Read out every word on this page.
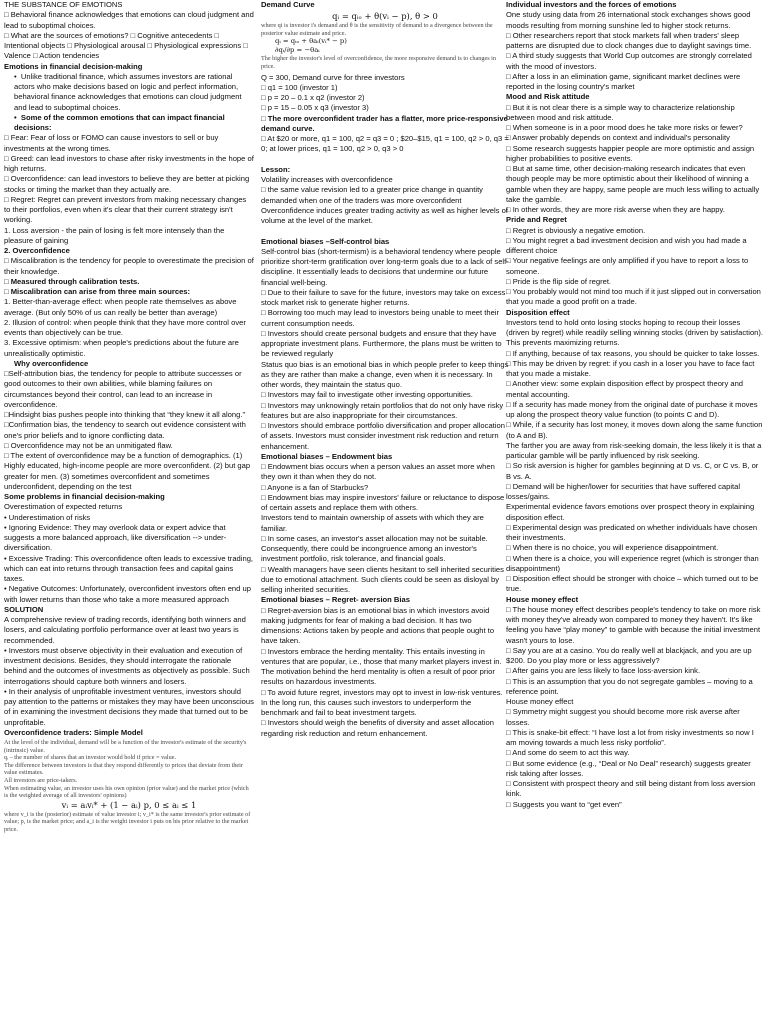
THE SUBSTANCE OF EMOTIONS
□ Behavioral finance acknowledges that emotions can cloud judgment and lead to suboptimal choices.
□ What are the sources of emotions? □ Cognitive antecedents □ Intentional objects □ Physiological arousal □ Physiological expressions □ Valence □ Action tendencies
Emotions in financial decision-making
•  Unlike traditional finance, which assumes investors are rational actors who make decisions based on logic and perfect information, behavioral finance acknowledges that emotions can cloud judgment and lead to suboptimal choices.
•  Some of the common emotions that can impact financial decisions:
□ Fear: Fear of loss or FOMO can cause investors to sell or buy investments at the wrong times.
□ Greed: can lead investors to chase after risky investments in the hope of high returns.
□ Overconfidence: can lead investors to believe they are better at picking stocks or timing the market than they actually are.
□ Regret: Regret can prevent investors from making necessary changes to their portfolios, even when it's clear that their current strategy isn't working.
1. Loss aversion - the pain of losing is felt more intensely than the pleasure of gaining
2. Overconfidence
□ Miscalibration is the tendency for people to overestimate the precision of their knowledge.
□ Measured through calibration tests.
□ Miscalibration can arise from three main sources:
1. Better-than-average effect: when people rate themselves as above average. (But only 50% of us can really be better than average)
2. Illusion of control: when people think that they have more control over events than objectively can be true.
3. Excessive optimism: when people's predictions about the future are unrealistically optimistic.
Why overconfidence
□Self-attribution bias, the tendency for people to attribute successes or good outcomes to their own abilities, while blaming failures on circumstances beyond their control, can lead to an increase in overconfidence.
□Hindsight bias pushes people into thinking that “they knew it all along.”
□Confirmation bias, the tendency to search out evidence consistent with one's prior beliefs and to ignore conflicting data.
□ Overconfidence may not be an unmitigated flaw.
□ The extent of overconfidence may be a function of demographics. (1) Highly educated, high-income people are more overconfident. (2) but gap greater for men. (3) sometimes overconfident and sometimes underconfident, depending on the test
Some problems in financial decision-making
Overestimation of expected returns
• Underestimation of risks
• Ignoring Evidence: They may overlook data or expert advice that suggests a more balanced approach, like diversification --> under-diversification.
• Excessive Trading: This overconfidence often leads to excessive trading, which can eat into returns through transaction fees and capital gains taxes.
• Negative Outcomes: Unfortunately, overconfident investors often end up with lower returns than those who take a more measured approach
SOLUTION
A comprehensive review of trading records, identifying both winners and losers, and calculating portfolio performance over at least two years is recommended.
• Investors must observe objectivity in their evaluation and execution of investment decisions. Besides, they should interrogate the rationale behind and the outcomes of investments as objectively as possible. Such interrogations should capture both winners and losers.
• In their analysis of unprofitable investment ventures, investors should pay attention to the patterns or mistakes they may have been unconscious of in examining the investment decisions they made that turned out to be unprofitable.
Overconfidence traders: Simple Model
At the level of the individual, demand will be a function of the investor's estimate of the security's (intrinsic) value.
qᵢ – the number of shares that an investor would hold if price = value.
The difference between investors is that they respond differently to prices that deviate from their value estimates.
All investors are price-takers.
When estimating value, an investor uses his own opinion (prior value) and the market price (which is the weighted average of all investors' opinions)
vᵢ = aᵢvᵢ* + (1 − aᵢ) p, 0 ≤ aᵢ ≤ 1
where v_i is the (posterior) estimate of value investor i; v_i* is the same investor's prior estimate of value; p, is the market price; and a_i is the weight investor i puts on his prior relative to the market price.
Demand Curve
qᵢ = qᵢₒ + θ(vᵢ − p), θ > 0
where qi is investor i's demand and θ is the sensitivity of demand to a divergence between the posterior value estimate and price.
qᵢ = qᵢₒ + θaᵢ(vᵢ* − p)
∂qᵢ/∂p = −θaᵢ
The higher the investor's level of overconfidence, the more responsive demand is to changes in price.
Q = 300, Demand curve for three investors
□ q1 = 100 (investor 1)
□ p = 20 – 0.1 x q2 (investor 2)
□ p = 15 – 0.05 x q3 (investor 3)
□ The more overconfident trader has a flatter, more price-responsive demand curve.
□ At $20 or more, q1 = 100, q2 = q3 = 0 ; $20–$15, q1 = 100, q2 > 0, q3 = 0; at lower prices, q1 = 100, q2 > 0, q3 > 0

Lesson:
Volatility increases with overconfidence
□ the same value revision led to a greater price change in quantity demanded when one of the traders was more overconfident
Overconfidence induces greater trading activity as well as higher levels of volume at the level of the market.

Emotional biases –Self-control bias
Self-control bias (short-termism) is a behavioral tendency where people prioritize short-term gratification over long-term goals due to a lack of self-discipline. It essentially leads to decisions that undermine our future financial well-being.
□ Due to their failure to save for the future, investors may take on excess stock market risk to generate higher returns.
□ Borrowing too much may lead to investors being unable to meet their current consumption needs.
□ Investors should create personal budgets and ensure that they have appropriate investment plans. Furthermore, the plans must be written to be reviewed regularly
Status quo bias is an emotional bias in which people prefer to keep things as they are rather than make a change, even when it is necessary. In other words, they maintain the status quo.
□ Investors may fail to investigate other investing opportunities.
□ Investors may unknowingly retain portfolios that do not only have risky features but are also inappropriate for their circumstances.
□ Investors should embrace portfolio diversification and proper allocation of assets. Investors must consider investment risk reduction and return enhancement.
Emotional biases – Endowment bias
□ Endowment bias occurs when a person values an asset more when they own it than when they do not.
□ Anyone is a fan of Starbucks?
□ Endowment bias may inspire investors' failure or reluctance to dispose of certain assets and replace them with others.
Investors tend to maintain ownership of assets with which they are familiar.
□ In some cases, an investor's asset allocation may not be suitable. Consequently, there could be incongruence among an investor's investment portfolio, risk tolerance, and financial goals.
□ Wealth managers have seen clients hesitant to sell inherited securities due to emotional attachment. Such clients could be seen as disloyal by selling inherited securities.
Emotional biases – Regret- aversion Bias
□ Regret-aversion bias is an emotional bias in which investors avoid making judgments for fear of making a bad decision. It has two dimensions: Actions taken by people and actions that people ought to have taken.
□ Investors embrace the herding mentality. This entails investing in ventures that are popular, i.e., those that many market players invest in. The motivation behind the herd mentality is often a result of poor prior results on hazardous investments.
□ To avoid future regret, investors may opt to invest in low-risk ventures. In the long run, this causes such investors to underperform the benchmark and fail to beat investment targets.
□ Investors should weigh the benefits of diversity and asset allocation regarding risk reduction and return enhancement.
Individual investors and the forces of emotions
One study using data from 26 international stock exchanges shows good moods resulting from morning sunshine led to higher stock returns.
□ Other researchers report that stock markets fall when traders' sleep patterns are disrupted due to clock changes due to daylight savings time.
□ A third study suggests that World Cup outcomes are strongly correlated with the mood of investors.
□ After a loss in an elimination game, significant market declines were reported in the losing country's market
Mood and Risk attitude
□ But it is not clear there is a simple way to characterize relationship between mood and risk attitude.
□ When someone is in a poor mood does he take more risks or fewer?
□ Answer probably depends on context and individual's personality
□ Some research suggests happier people are more optimistic and assign higher probabilities to positive events.
□ But at same time, other decision-making research indicates that even though people may be more optimistic about their likelihood of winning a gamble when they are happy, same people are much less willing to actually take the gamble.
□ In other words, they are more risk averse when they are happy.
Pride and Regret
□ Regret is obviously a negative emotion.
□ You might regret a bad investment decision and wish you had made a different choice
□ Your negative feelings are only amplified if you have to report a loss to someone.
□ Pride is the flip side of regret.
□ You probably would not mind too much if it just slipped out in conversation that you made a good profit on a trade.
Disposition effect
Investors tend to hold onto losing stocks hoping to recoup their losses (driven by regret) while readily selling winning stocks (driven by satisfaction). This prevents maximizing returns.
□ If anything, because of tax reasons, you should be quicker to take losses.
□ This may be driven by regret: if you cash in a loser you have to face fact that you made a mistake.
□ Another view: some explain disposition effect by prospect theory and mental accounting.
□ If a security has made money from the original date of purchase it moves up along the prospect theory value function (to points C and D).
□ While, if a security has lost money, it moves down along the same function (to A and B).
The farther you are away from risk-seeking domain, the less likely it is that a particular gamble will be partly influenced by risk seeking.
□ So risk aversion is higher for gambles beginning at D vs. C, or C vs. B, or B vs. A.
□ Demand will be higher/lower for securities that have suffered capital losses/gains.
Experimental evidence favors emotions over prospect theory in explaining disposition effect.
□ Experimental design was predicated on whether individuals have chosen their investments.
□ When there is no choice, you will experience disappointment.
□ When there is a choice, you will experience regret (which is stronger than disappointment)
□ Disposition effect should be stronger with choice – which turned out to be true.
House money effect
□ The house money effect describes people's tendency to take on more risk with money they've already won compared to money they haven't. It's like feeling you have “play money” to gamble with because the initial investment wasn't yours to lose.
□ Say you are at a casino. You do really well at blackjack, and you are up $200. Do you play more or less aggressively?
□ After gains you are less likely to face loss-aversion kink.
□ This is an assumption that you do not segregate gambles – moving to a reference point.
House money effect
□ Symmetry might suggest you should become more risk averse after losses.
□ This is snake-bit effect: “I have lost a lot from risky investments so now I am moving towards a much less risky portfolio”.
□ And some do seem to act this way.
□ But some evidence (e.g., “Deal or No Deal” research) suggests greater risk taking after losses.
□ Consistent with prospect theory and still being distant from loss aversion kink.
□ Suggests you want to “get even”
